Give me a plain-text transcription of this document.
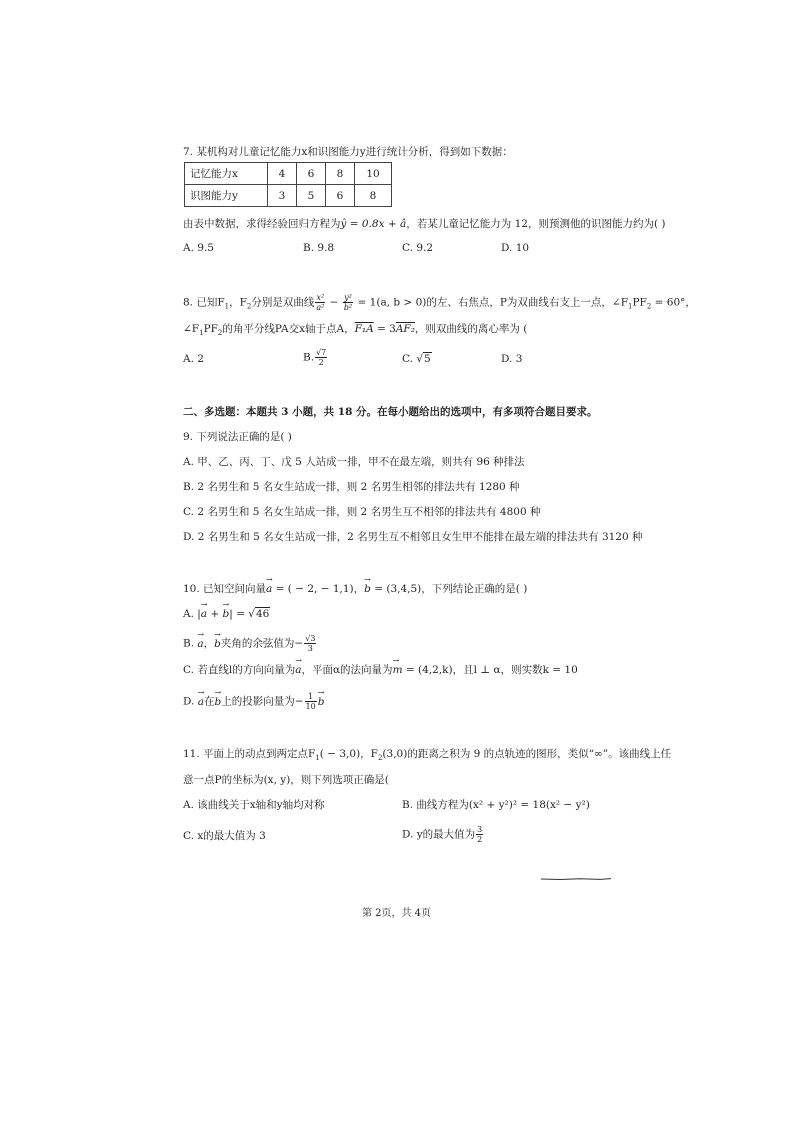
7. 某机构对儿童记忆能力x和识图能力y进行统计分析，得到如下数据：
记忆能力x	4	6	8	10
识图能力y	3	5	6	8
由表中数据，求得经验回归方程为ŷ = 0.8x + â，若某儿童记忆能力为 12，则预测他的识图能力约为( )
A. 9.5	B. 9.8	C. 9.2	D. 10
8. 已知$F_1$，$F_2$分别是双曲线 $\frac{\text{x²}}{\text{a²}} - \frac{\text{y²}}{\text{b²}} = 1(a$, b > 0)的左、右焦点，P为双曲线右支上一点，$\angle F_1PF_2 = 60^\circ$，
$\angle F_1PF_2$的角平分线PA交x轴于点A，F₁A = 3AF₂，则双曲线的离心率为 (
A. 2	B. $\frac{√7}{2}$	C. √5	D. 3
二、多选题：本题共 3 小题，共 18 分。在每小题给出的选项中，有多项符合题目要求。
9. 下列说法正确的是( )
A. 甲、乙、丙、丁、戊 5 人站成一排，甲不在最左端，则共有 96 种排法
B. 2 名男生和 5 名女生站成一排，则 2 名男生相邻的排法共有 1280 种
C. 2 名男生和 5 名女生站成一排，则 2 名男生互不相邻的排法共有 4800 种
D. 2 名男生和 5 名女生站成一排，2 名男生互不相邻且女生甲不能排在最左端的排法共有 3120 种
10. 已知空间向量→ a = ( − 2, − 1,1)，→ b = (3,4,5)，下列结论正确的是( )
A. |→ a + → b| = √46
B. → a，→ b夹角的余弦值为− $\frac{√3}{3}$
C. 若直线l的方向向量为→ a，平面α的法向量为→ m = (4,2,k)，且l ⊥ α，则实数k = 10
D. → a在→ b上的投影向量为− $\frac{1}{10} \to b$
11. 平面上的动点到两定点$F_1( - 3,0)$，$F_2(3,0)$的距离之积为 9 的点轨迹的图形，类似“∞”。该曲线上任
意一点P的坐标为(x, y)，则下列选项正确是(
A. 该曲线关于x轴和y轴均对称	B. 曲线方程为(x² + y²)² = 18(x² − y²)
C. x的最大值为 3	D. y的最大值为 $\frac{3}{2}$
第 2页，共 4页
